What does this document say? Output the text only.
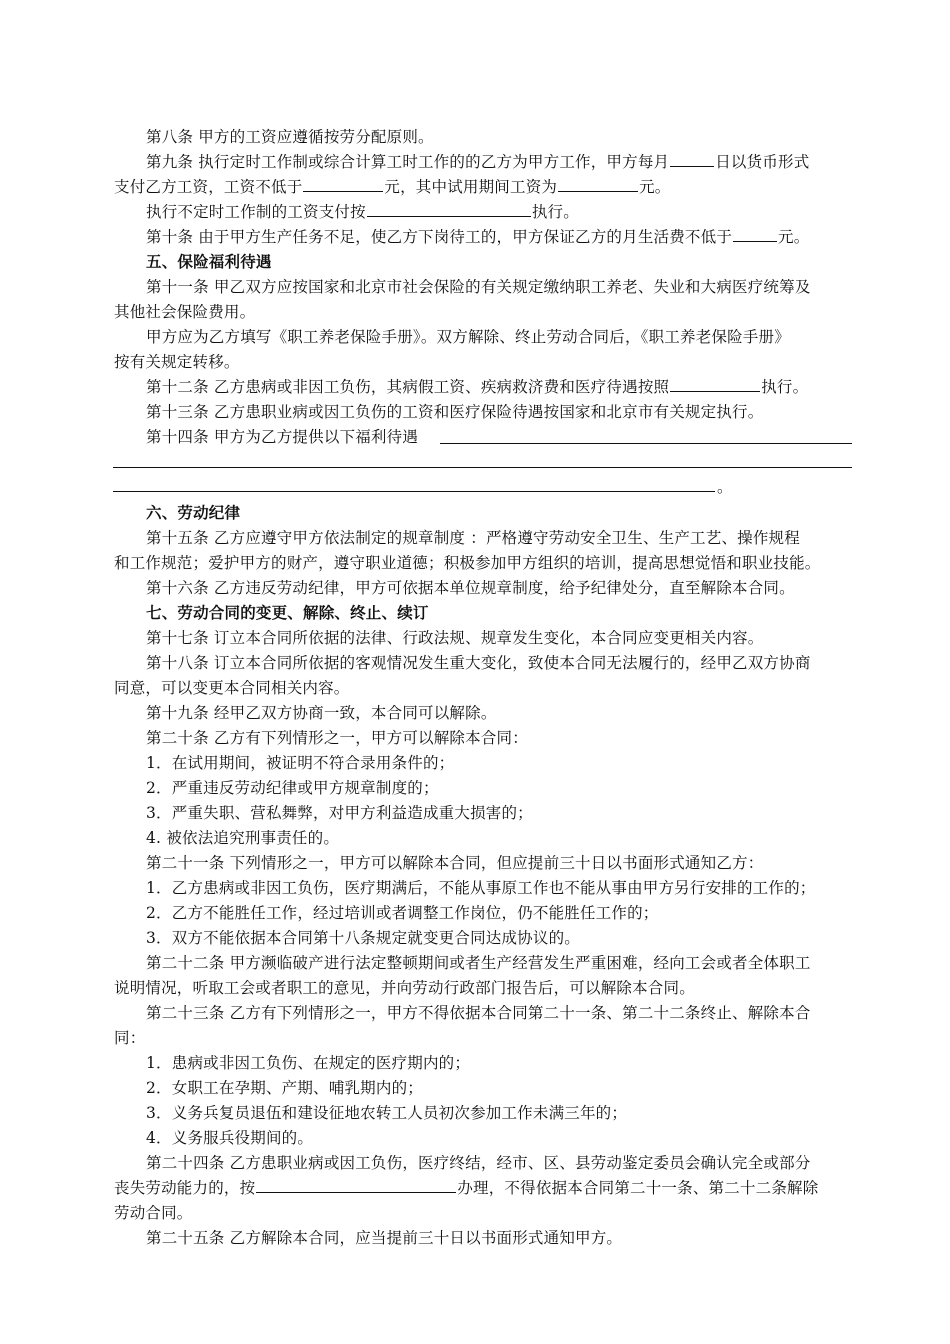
第八条 甲方的工资应遵循按劳分配原则。
第九条 执行定时工作制或综合计算工时工作的的乙方为甲方工作，甲方每月	日以货币形式
支付乙方工资，工资不低于	元，其中试用期间工资为	元。
执行不定时工作制的工资支付按	执行。
第十条 由于甲方生产任务不足，使乙方下岗待工的，甲方保证乙方的月生活费不低于	元。
五、保险福利待遇
第十一条 甲乙双方应按国家和北京市社会保险的有关规定缴纳职工养老、失业和大病医疗统筹及
其他社会保险费用。
甲方应为乙方填写《职工养老保险手册》。双方解除、终止劳动合同后，《职工养老保险手册》
按有关规定转移。
第十二条 乙方患病或非因工负伤，其病假工资、疾病救济费和医疗待遇按照	执行。
第十三条 乙方患职业病或因工负伤的工资和医疗保险待遇按国家和北京市有关规定执行。
第十四条 甲方为乙方提供以下福利待遇
。
六、劳动纪律
第十五条 乙方应遵守甲方依法制定的规章制度 ：严格遵守劳动安全卫生、生产工艺、操作规程
和工作规范；爱护甲方的财产，遵守职业道德；积极参加甲方组织的培训，提高思想觉悟和职业技能。
第十六条 乙方违反劳动纪律，甲方可依据本单位规章制度，给予纪律处分，直至解除本合同。
七、劳动合同的变更、解除、终止、续订
第十七条 订立本合同所依据的法律、行政法规、规章发生变化，本合同应变更相关内容。
第十八条 订立本合同所依据的客观情况发生重大变化，致使本合同无法履行的，经甲乙双方协商
同意，可以变更本合同相关内容。
第十九条 经甲乙双方协商一致，本合同可以解除。
第二十条 乙方有下列情形之一，甲方可以解除本合同：
1．在试用期间，被证明不符合录用条件的；
2．严重违反劳动纪律或甲方规章制度的；
3．严重失职、营私舞弊，对甲方利益造成重大损害的；
4. 被依法追究刑事责任的。
第二十一条 下列情形之一，甲方可以解除本合同，但应提前三十日以书面形式通知乙方：
1．乙方患病或非因工负伤，医疗期满后，不能从事原工作也不能从事由甲方另行安排的工作的；
2．乙方不能胜任工作，经过培训或者调整工作岗位，仍不能胜任工作的；
3．双方不能依据本合同第十八条规定就变更合同达成协议的。
第二十二条 甲方濒临破产进行法定整顿期间或者生产经营发生严重困难，经向工会或者全体职工
说明情况，听取工会或者职工的意见，并向劳动行政部门报告后，可以解除本合同。
第二十三条 乙方有下列情形之一，甲方不得依据本合同第二十一条、第二十二条终止、解除本合
同：
1．患病或非因工负伤、在规定的医疗期内的；
2．女职工在孕期、产期、哺乳期内的；
3．义务兵复员退伍和建设征地农转工人员初次参加工作未满三年的；
4．义务服兵役期间的。
第二十四条 乙方患职业病或因工负伤，医疗终结，经市、区、县劳动鉴定委员会确认完全或部分
丧失劳动能力的，按	办理，不得依据本合同第二十一条、第二十二条解除
劳动合同。
第二十五条 乙方解除本合同，应当提前三十日以书面形式通知甲方。
